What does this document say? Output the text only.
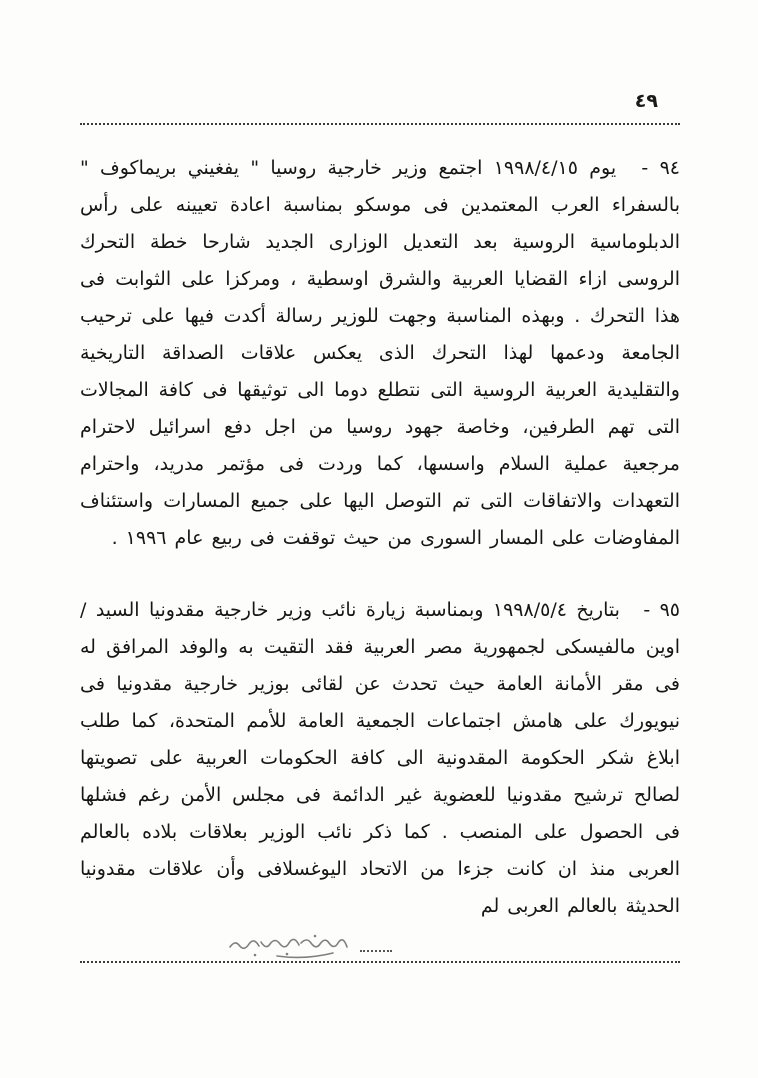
٤٩

٩٤ - يوم ١٩٩٨/٤/١٥ اجتمع وزير خارجية روسيا " يفغيني بريماكوف " بالسفراء العرب المعتمدين فى موسكو بمناسبة اعادة تعيينه على رأس الدبلوماسية الروسية بعد التعديل الوزارى الجديد شارحا خطة التحرك الروسى ازاء القضايا العربية والشرق اوسطية ، ومركزا على الثوابت فى هذا التحرك . وبهذه المناسبة وجهت للوزير رسالة أكدت فيها على ترحيب الجامعة ودعمها لهذا التحرك الذى يعكس علاقات الصداقة التاريخية والتقليدية العربية الروسية التى نتطلع دوما الى توثيقها فى كافة المجالات التى تهم الطرفين، وخاصة جهود روسيا من اجل دفع اسرائيل لاحترام مرجعية عملية السلام واسسها، كما وردت فى مؤتمر مدريد، واحترام التعهدات والاتفاقات التى تم التوصل اليها على جميع المسارات واستئناف المفاوضات على المسار السورى من حيث توقفت فى ربيع عام ١٩٩٦ .

٩٥ - بتاريخ ١٩٩٨/٥/٤ وبمناسبة زيارة نائب وزير خارجية مقدونيا السيد / اوين مالفيسكى لجمهورية مصر العربية فقد التقيت به والوفد المرافق له فى مقر الأمانة العامة حيث تحدث عن لقائى بوزير خارجية مقدونيا فى نيويورك على هامش اجتماعات الجمعية العامة للأمم المتحدة، كما طلب ابلاغ شكر الحكومة المقدونية الى كافة الحكومات العربية على تصويتها لصالح ترشيح مقدونيا للعضوية غير الدائمة فى مجلس الأمن رغم فشلها فى الحصول على المنصب . كما ذكر نائب الوزير بعلاقات بلاده بالعالم العربى منذ ان كانت جزءا من الاتحاد اليوغسلافى وأن علاقات مقدونيا الحديثة بالعالم العربى لم
